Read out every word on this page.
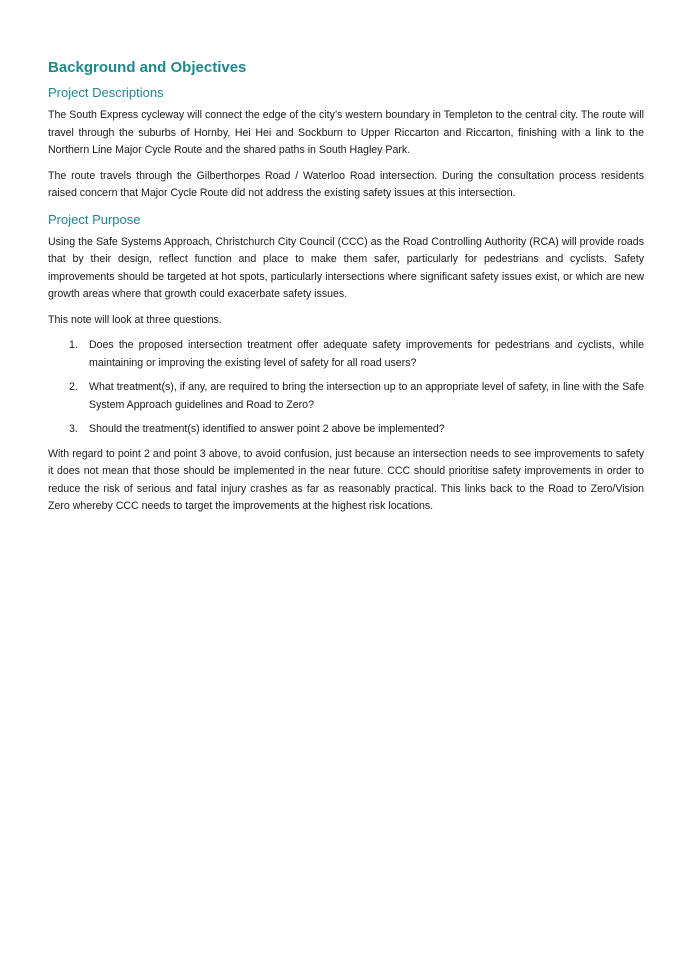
Background and Objectives
Project Descriptions

The South Express cycleway will connect the edge of the city’s western boundary in Templeton to the central city. The route will travel through the suburbs of Hornby, Hei Hei and Sockburn to Upper Riccarton and Riccarton, finishing with a link to the Northern Line Major Cycle Route and the shared paths in South Hagley Park.

The route travels through the Gilberthorpes Road / Waterloo Road intersection. During the consultation process residents raised concern that Major Cycle Route did not address the existing safety issues at this intersection.

Project Purpose

Using the Safe Systems Approach, Christchurch City Council (CCC) as the Road Controlling Authority (RCA) will provide roads that by their design, reflect function and place to make them safer, particularly for pedestrians and cyclists. Safety improvements should be targeted at hot spots, particularly intersections where significant safety issues exist, or which are new growth areas where that growth could exacerbate safety issues.

This note will look at three questions.

1. Does the proposed intersection treatment offer adequate safety improvements for pedestrians and cyclists, while maintaining or improving the existing level of safety for all road users?
2. What treatment(s), if any, are required to bring the intersection up to an appropriate level of safety, in line with the Safe System Approach guidelines and Road to Zero?
3. Should the treatment(s) identified to answer point 2 above be implemented?

With regard to point 2 and point 3 above, to avoid confusion, just because an intersection needs to see improvements to safety it does not mean that those should be implemented in the near future. CCC should prioritise safety improvements in order to reduce the risk of serious and fatal injury crashes as far as reasonably practical. This links back to the Road to Zero/Vision Zero whereby CCC needs to target the improvements at the highest risk locations.
